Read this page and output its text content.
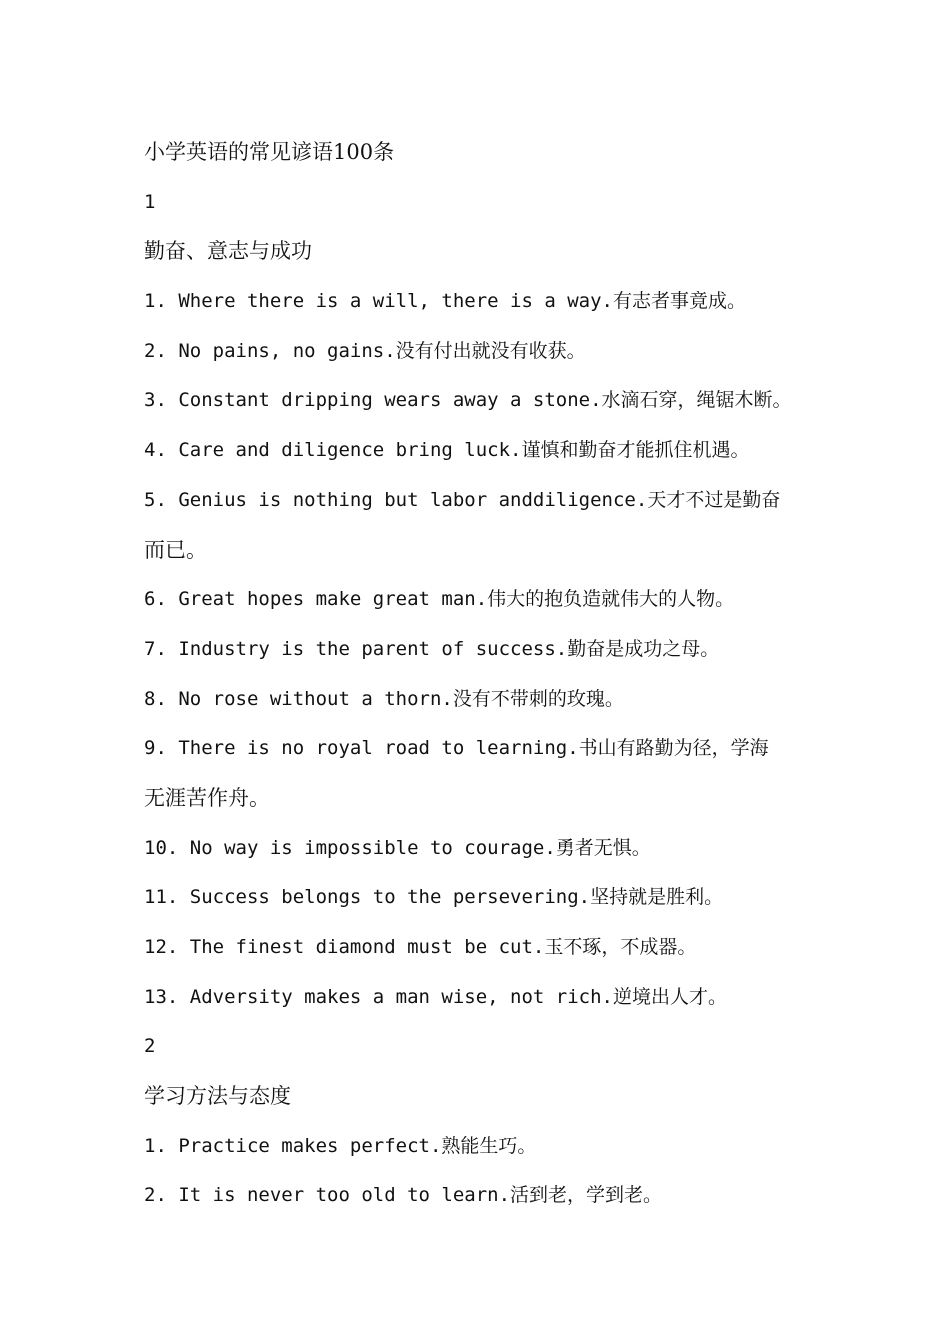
小学英语的常见谚语100条
1
勤奋、意志与成功
1. Where there is a will, there is a way.有志者事竟成。
2. No pains, no gains.没有付出就没有收获。
3. Constant dripping wears away a stone.水滴石穿，绳锯木断。
4. Care and diligence bring luck.谨慎和勤奋才能抓住机遇。
5. Genius is nothing but labor anddiligence.天才不过是勤奋
而已。
6. Great hopes make great man.伟大的抱负造就伟大的人物。
7. Industry is the parent of success.勤奋是成功之母。
8. No rose without a thorn.没有不带刺的玫瑰。
9. There is no royal road to learning.书山有路勤为径，学海
无涯苦作舟。
10. No way is impossible to courage.勇者无惧。
11. Success belongs to the persevering.坚持就是胜利。
12. The finest diamond must be cut.玉不琢，不成器。
13. Adversity makes a man wise, not rich.逆境出人才。
2
学习方法与态度
1. Practice makes perfect.熟能生巧。
2. It is never too old to learn.活到老，学到老。
